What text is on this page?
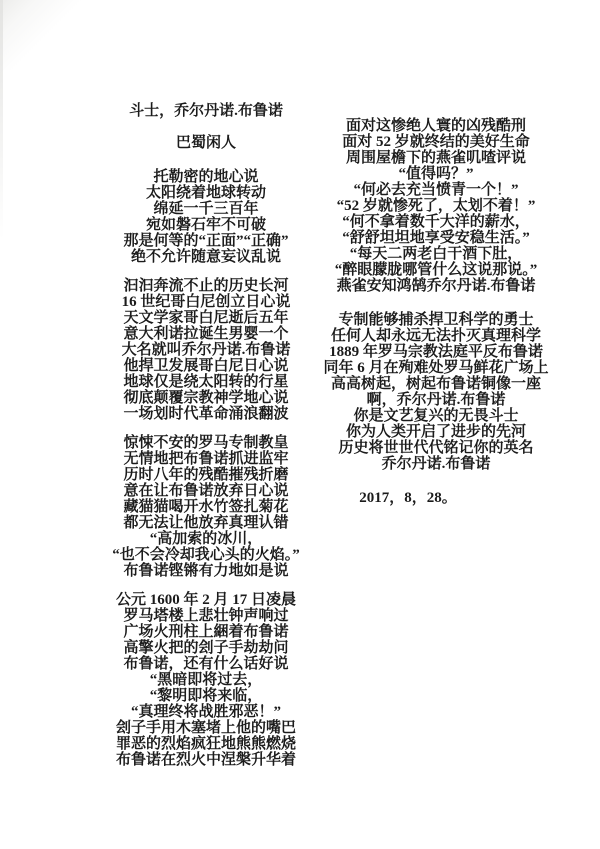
斗士，乔尔丹诺.布鲁诺
巴蜀闲人
托勒密的地心说
太阳绕着地球转动
绵延一千三百年
宛如磐石牢不可破
那是何等的“正面”“正确”
绝不允许随意妄议乱说
汩汩奔流不止的历史长河
16 世纪哥白尼创立日心说
天文学家哥白尼逝后五年
意大利诺拉诞生男婴一个
大名就叫乔尔丹诺.布鲁诺
他捍卫发展哥白尼日心说
地球仅是绕太阳转的行星
彻底颠覆宗教神学地心说
一场划时代革命涌浪翻波
惊悚不安的罗马专制教皇
无情地把布鲁诺抓进监牢
历时八年的残酷摧残折磨
意在让布鲁诺放弃日心说
藏猫猫喝开水竹签扎菊花
都无法让他放弃真理认错
“高加索的冰川，
“也不会冷却我心头的火焰。”
布鲁诺铿锵有力地如是说
公元 1600 年 2 月 17 日凌晨
罗马塔楼上悲壮钟声响过
广场火刑柱上綑着布鲁诺
高擎火把的刽子手劫劫问
布鲁诺，还有什么话好说
“黑暗即将过去，
“黎明即将来临，
“真理终将战胜邪恶！”
刽子手用木塞堵上他的嘴巴
罪恶的烈焰疯狂地熊熊燃烧
布鲁诺在烈火中涅槃升华着
面对这惨绝人寰的凶残酷刑
面对 52 岁就终结的美好生命
周围屋檐下的燕雀叽喳评说
“值得吗？”
“何必去充当愤青一个！”
“52 岁就惨死了，太划不着！”
“何不拿着数千大洋的薪水，
“舒舒坦坦地享受安稳生活。”
“每天二两老白干酒下肚，
“醉眼朦胧哪管什么这说那说。”
燕雀安知鸿鹄乔尔丹诺.布鲁诺
专制能够捕杀捍卫科学的勇士
任何人却永远无法扑灭真理科学
1889 年罗马宗教法庭平反布鲁诺
同年 6 月在殉难处罗马鲜花广场上
高高树起，树起布鲁诺铜像一座
啊，乔尔丹诺.布鲁诺
你是文艺复兴的无畏斗士
你为人类开启了进步的先河
历史将世世代代铭记你的英名
乔尔丹诺.布鲁诺
2017，8，28。
